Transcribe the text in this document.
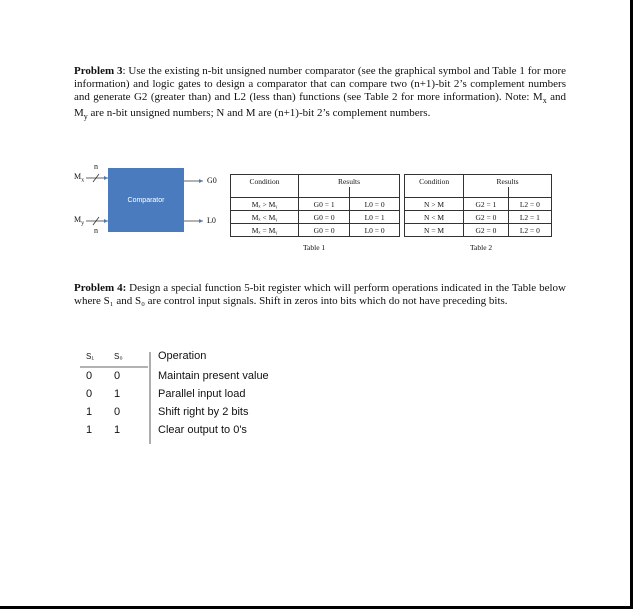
Problem 3: Use the existing n-bit unsigned number comparator (see the graphical symbol and Table 1 for more information) and logic gates to design a comparator that can compare two (n+1)-bit 2’s complement numbers and generate G2 (greater than) and L2 (less than) functions (see Table 2 for more information). Note: $M_x$ and $M_y$ are n-bit unsigned numbers; N and M are (n+1)-bit 2’s complement numbers.
Comparator
$M_x$
$M_y$
n
n
G0
L0
Condition	Results	

Mₓ > Mᵧ	G0 = 1	L0 = 0
Mₓ < Mᵧ	G0 = 0	L0 = 1
Mₓ = Mᵧ	G0 = 0	L0 = 0
Table 1
Condition	Results	

N > M	G2 = 1	L2 = 0
N < M	G2 = 0	L2 = 1
N = M	G2 = 0	L2 = 0
Table 2
Problem 4: Design a special function 5-bit register which will perform operations indicated in the Table below where S₁ and S₀ are control input signals. Shift in zeros into bits which do not have preceding bits.
S₁ S₀	Operation
0 0	Maintain present value
0 1	Parallel input load
1 0	Shift right by 2 bits
1 1	Clear output to 0's
